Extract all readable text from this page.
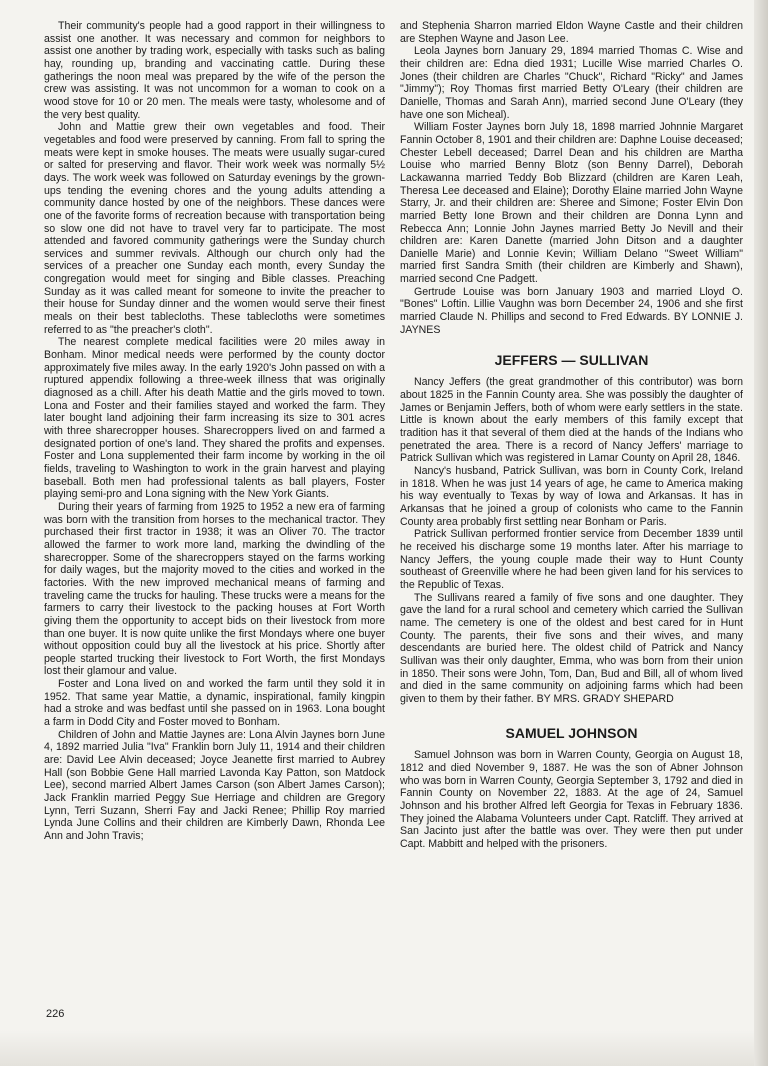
Their community's people had a good rapport in their willingness to assist one another. It was necessary and common for neighbors to assist one another by trading work, especially with tasks such as baling hay, rounding up, branding and vaccinating cattle. During these gatherings the noon meal was prepared by the wife of the person the crew was assisting. It was not uncommon for a woman to cook on a wood stove for 10 or 20 men. The meals were tasty, wholesome and of the very best quality.

John and Mattie grew their own vegetables and food. Their vegetables and food were preserved by canning. From fall to spring the meats were kept in smoke houses. The meats were usually sugar-cured or salted for preserving and flavor. Their work week was normally 5½ days. The work week was followed on Saturday evenings by the grown-ups tending the evening chores and the young adults attending a community dance hosted by one of the neighbors. These dances were one of the favorite forms of recreation because with transportation being so slow one did not have to travel very far to participate. The most attended and favored community gatherings were the Sunday church services and summer revivals. Although our church only had the services of a preacher one Sunday each month, every Sunday the congregation would meet for singing and Bible classes. Preaching Sunday as it was called meant for someone to invite the preacher to their house for Sunday dinner and the women would serve their finest meals on their best tablecloths. These tablecloths were sometimes referred to as "the preacher's cloth".

The nearest complete medical facilities were 20 miles away in Bonham. Minor medical needs were performed by the county doctor approximately five miles away. In the early 1920's John passed on with a ruptured appendix following a three-week illness that was originally diagnosed as a chill. After his death Mattie and the girls moved to town. Lona and Foster and their families stayed and worked the farm. They later bought land adjoining their farm increasing its size to 301 acres with three sharecropper houses. Sharecroppers lived on and farmed a designated portion of one's land. They shared the profits and expenses. Foster and Lona supplemented their farm income by working in the oil fields, traveling to Washington to work in the grain harvest and playing baseball. Both men had professional talents as ball players, Foster playing semi-pro and Lona signing with the New York Giants.

During their years of farming from 1925 to 1952 a new era of farming was born with the transition from horses to the mechanical tractor. They purchased their first tractor in 1938; it was an Oliver 70. The tractor allowed the farmer to work more land, marking the dwindling of the sharecropper. Some of the sharecroppers stayed on the farms working for daily wages, but the majority moved to the cities and worked in the factories. With the new improved mechanical means of farming and traveling came the trucks for hauling. These trucks were a means for the farmers to carry their livestock to the packing houses at Fort Worth giving them the opportunity to accept bids on their livestock from more than one buyer. It is now quite unlike the first Mondays where one buyer without opposition could buy all the livestock at his price. Shortly after people started trucking their livestock to Fort Worth, the first Mondays lost their glamour and value.

Foster and Lona lived on and worked the farm until they sold it in 1952. That same year Mattie, a dynamic, inspirational, family kingpin had a stroke and was bedfast until she passed on in 1963. Lona bought a farm in Dodd City and Foster moved to Bonham.

Children of John and Mattie Jaynes are: Lona Alvin Jaynes born June 4, 1892 married Julia "Iva" Franklin born July 11, 1914 and their children are: David Lee Alvin deceased; Joyce Jeanette first married to Aubrey Hall (son Bobbie Gene Hall married Lavonda Kay Patton, son Matdock Lee), second married Albert James Carson (son Albert James Carson); Jack Franklin married Peggy Sue Herriage and children are Gregory Lynn, Terri Suzann, Sherri Fay and Jacki Renee; Phillip Roy married Lynda June Collins and their children are Kimberly Dawn, Rhonda Lee Ann and John Travis;

and Stephenia Sharron married Eldon Wayne Castle and their children are Stephen Wayne and Jason Lee.

Leola Jaynes born January 29, 1894 married Thomas C. Wise and their children are: Edna died 1931; Lucille Wise married Charles O. Jones (their children are Charles "Chuck", Richard "Ricky" and James "Jimmy"); Roy Thomas first married Betty O'Leary (their children are Danielle, Thomas and Sarah Ann), married second June O'Leary (they have one son Micheal).

William Foster Jaynes born July 18, 1898 married Johnnie Margaret Fannin October 8, 1901 and their children are: Daphne Louise deceased; Chester Lebell deceased; Darrel Dean and his children are Martha Louise who married Benny Blotz (son Benny Darrel), Deborah Lackawanna married Teddy Bob Blizzard (children are Karen Leah, Theresa Lee deceased and Elaine); Dorothy Elaine married John Wayne Starry, Jr. and their children are: Sheree and Simone; Foster Elvin Don married Betty Ione Brown and their children are Donna Lynn and Rebecca Ann; Lonnie John Jaynes married Betty Jo Nevill and their children are: Karen Danette (married John Ditson and a daughter Danielle Marie) and Lonnie Kevin; William Delano "Sweet William" married first Sandra Smith (their children are Kimberly and Shawn), married second Cne Padgett.

Gertrude Louise was born January 1903 and married Lloyd O. "Bones" Loftin. Lillie Vaughn was born December 24, 1906 and she first married Claude N. Phillips and second to Fred Edwards. BY LONNIE J. JAYNES

JEFFERS — SULLIVAN

Nancy Jeffers (the great grandmother of this contributor) was born about 1825 in the Fannin County area. She was possibly the daughter of James or Benjamin Jeffers, both of whom were early settlers in the state. Little is known about the early members of this family except that tradition has it that several of them died at the hands of the Indians who penetrated the area. There is a record of Nancy Jeffers' marriage to Patrick Sullivan which was registered in Lamar County on April 28, 1846.

Nancy's husband, Patrick Sullivan, was born in County Cork, Ireland in 1818. When he was just 14 years of age, he came to America making his way eventually to Texas by way of Iowa and Arkansas. It has in Arkansas that he joined a group of colonists who came to the Fannin County area probably first settling near Bonham or Paris.

Patrick Sullivan performed frontier service from December 1839 until he received his discharge some 19 months later. After his marriage to Nancy Jeffers, the young couple made their way to Hunt County southeast of Greenville where he had been given land for his services to the Republic of Texas.

The Sullivans reared a family of five sons and one daughter. They gave the land for a rural school and cemetery which carried the Sullivan name. The cemetery is one of the oldest and best cared for in Hunt County. The parents, their five sons and their wives, and many descendants are buried here. The oldest child of Patrick and Nancy Sullivan was their only daughter, Emma, who was born from their union in 1850. Their sons were John, Tom, Dan, Bud and Bill, all of whom lived and died in the same community on adjoining farms which had been given to them by their father. BY MRS. GRADY SHEPARD

SAMUEL JOHNSON

Samuel Johnson was born in Warren County, Georgia on August 18, 1812 and died November 9, 1887. He was the son of Abner Johnson who was born in Warren County, Georgia September 3, 1792 and died in Fannin County on November 22, 1883. At the age of 24, Samuel Johnson and his brother Alfred left Georgia for Texas in February 1836. They joined the Alabama Volunteers under Capt. Ratcliff. They arrived at San Jacinto just after the battle was over. They were then put under Capt. Mabbitt and helped with the prisoners.

226
